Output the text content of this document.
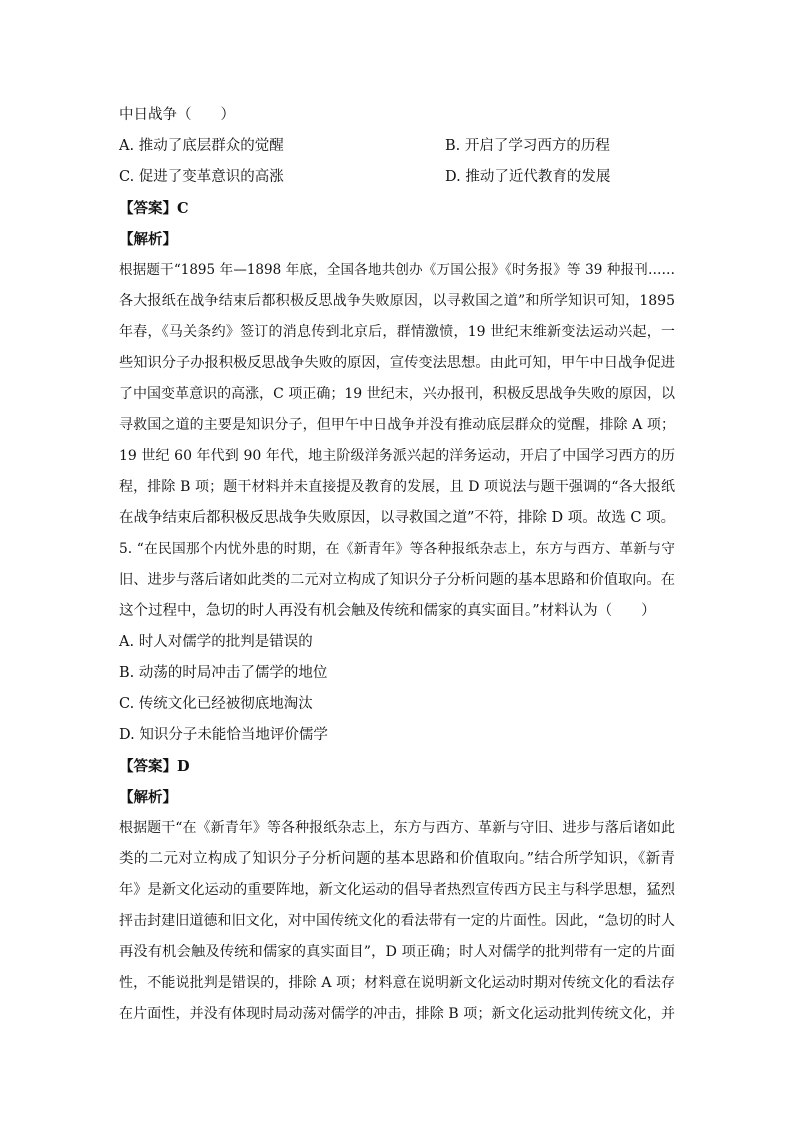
中日战争（　　）
A. 推动了底层群众的觉醒	B. 开启了学习西方的历程
C. 促进了变革意识的高涨	D. 推动了近代教育的发展
【答案】C
【解析】
根据题干“1895 年—1898 年底，全国各地共创办《万国公报》《时务报》等 39 种报刊……
各大报纸在战争结束后都积极反思战争失败原因，以寻救国之道”和所学知识可知，1895
年春，《马关条约》签订的消息传到北京后，群情激愤，19 世纪末维新变法运动兴起，一
些知识分子办报积极反思战争失败的原因，宣传变法思想。由此可知，甲午中日战争促进
了中国变革意识的高涨，C 项正确；19 世纪末，兴办报刊，积极反思战争失败的原因，以
寻救国之道的主要是知识分子，但甲午中日战争并没有推动底层群众的觉醒，排除 A 项；
19 世纪 60 年代到 90 年代，地主阶级洋务派兴起的洋务运动，开启了中国学习西方的历
程，排除 B 项；题干材料并未直接提及教育的发展，且 D 项说法与题干强调的“各大报纸
在战争结束后都积极反思战争失败原因，以寻救国之道”不符，排除 D 项。故选 C 项。
5. “在民国那个内忧外患的时期，在《新青年》等各种报纸杂志上，东方与西方、革新与守
旧、进步与落后诸如此类的二元对立构成了知识分子分析问题的基本思路和价值取向。在
这个过程中，急切的时人再没有机会触及传统和儒家的真实面目。”材料认为（　　）
A. 时人对儒学的批判是错误的
B. 动荡的时局冲击了儒学的地位
C. 传统文化已经被彻底地淘汰
D. 知识分子未能恰当地评价儒学
【答案】D
【解析】
根据题干“在《新青年》等各种报纸杂志上，东方与西方、革新与守旧、进步与落后诸如此
类的二元对立构成了知识分子分析问题的基本思路和价值取向。”结合所学知识，《新青
年》是新文化运动的重要阵地，新文化运动的倡导者热烈宣传西方民主与科学思想，猛烈
抨击封建旧道德和旧文化，对中国传统文化的看法带有一定的片面性。因此，“急切的时人
再没有机会触及传统和儒家的真实面目”，D 项正确；时人对儒学的批判带有一定的片面
性，不能说批判是错误的，排除 A 项；材料意在说明新文化运动时期对传统文化的看法存
在片面性，并没有体现时局动荡对儒学的冲击，排除 B 项；新文化运动批判传统文化，并
